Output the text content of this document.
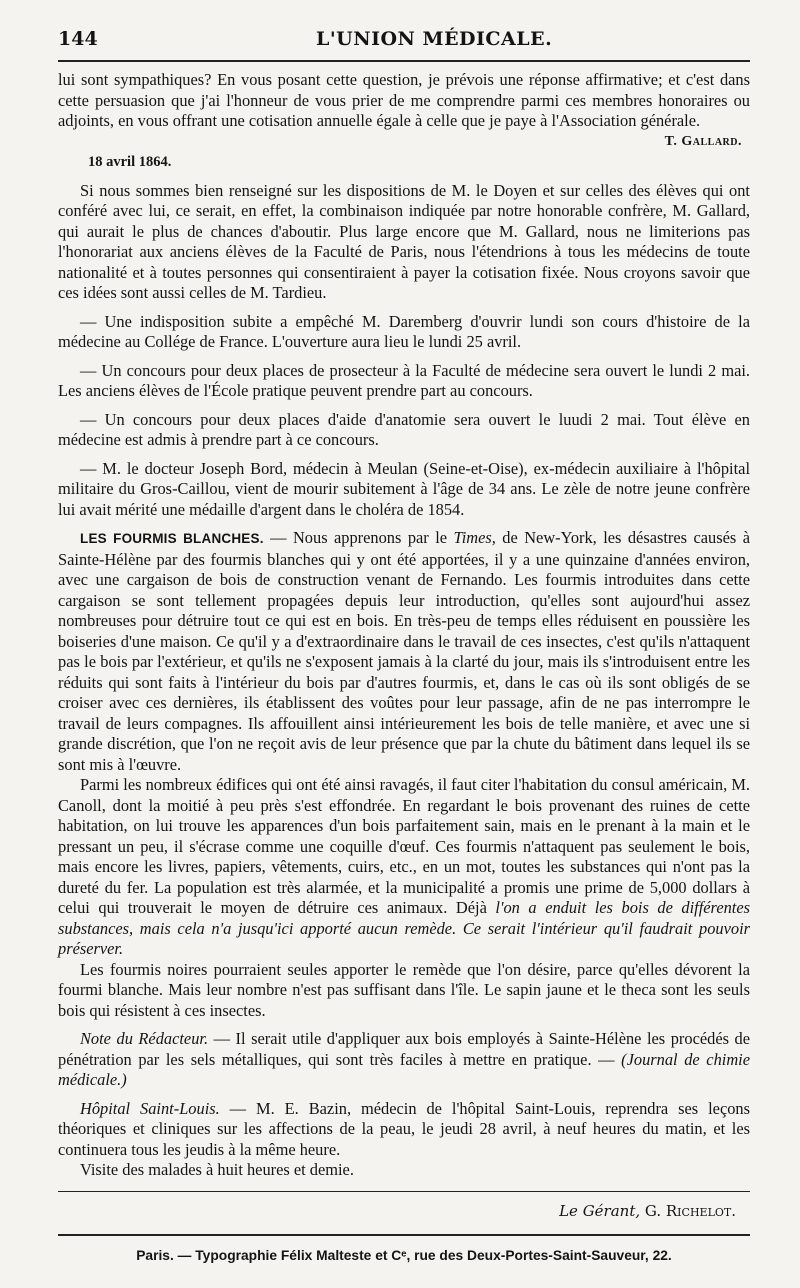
144	L'UNION MÉDICALE.

lui sont sympathiques? En vous posant cette question, je prévois une réponse affirmative; et c'est dans cette persuasion que j'ai l'honneur de vous prier de me comprendre parmi ces membres honoraires ou adjoints, en vous offrant une cotisation annuelle égale à celle que je paye à l'Association générale.

T. Gallard.
18 avril 1864.

Si nous sommes bien renseigné sur les dispositions de M. le Doyen et sur celles des élèves qui ont conféré avec lui, ce serait, en effet, la combinaison indiquée par notre honorable confrère, M. Gallard, qui aurait le plus de chances d'aboutir. Plus large encore que M. Gallard, nous ne limiterions pas l'honorariat aux anciens élèves de la Faculté de Paris, nous l'étendrions à tous les médecins de toute nationalité et à toutes personnes qui consentiraient à payer la cotisation fixée. Nous croyons savoir que ces idées sont aussi celles de M. Tardieu.

— Une indisposition subite a empêché M. Daremberg d'ouvrir lundi son cours d'histoire de la médecine au Collége de France. L'ouverture aura lieu le lundi 25 avril.

— Un concours pour deux places de prosecteur à la Faculté de médecine sera ouvert le lundi 2 mai. Les anciens élèves de l'École pratique peuvent prendre part au concours.

— Un concours pour deux places d'aide d'anatomie sera ouvert le luudi 2 mai. Tout élève en médecine est admis à prendre part à ce concours.

— M. le docteur Joseph Bord, médecin à Meulan (Seine-et-Oise), ex-médecin auxiliaire à l'hôpital militaire du Gros-Caillou, vient de mourir subitement à l'âge de 34 ans. Le zèle de notre jeune confrère lui avait mérité une médaille d'argent dans le choléra de 1854.

LES FOURMIS BLANCHES. — Nous apprenons par le Times, de New-York, les désastres causés à Sainte-Hélène par des fourmis blanches qui y ont été apportées, il y a une quinzaine d'années environ, avec une cargaison de bois de construction venant de Fernando. Les fourmis introduites dans cette cargaison se sont tellement propagées depuis leur introduction, qu'elles sont aujourd'hui assez nombreuses pour détruire tout ce qui est en bois. En très-peu de temps elles réduisent en poussière les boiseries d'une maison. Ce qu'il y a d'extraordinaire dans le travail de ces insectes, c'est qu'ils n'attaquent pas le bois par l'extérieur, et qu'ils ne s'exposent jamais à la clarté du jour, mais ils s'introduisent entre les réduits qui sont faits à l'intérieur du bois par d'autres fourmis, et, dans le cas où ils sont obligés de se croiser avec ces dernières, ils établissent des voûtes pour leur passage, afin de ne pas interrompre le travail de leurs compagnes. Ils affouillent ainsi intérieurement les bois de telle manière, et avec une si grande discrétion, que l'on ne reçoit avis de leur présence que par la chute du bâtiment dans lequel ils se sont mis à l'œuvre.

Parmi les nombreux édifices qui ont été ainsi ravagés, il faut citer l'habitation du consul américain, M. Canoll, dont la moitié à peu près s'est effondrée. En regardant le bois provenant des ruines de cette habitation, on lui trouve les apparences d'un bois parfaitement sain, mais en le prenant à la main et le pressant un peu, il s'écrase comme une coquille d'œuf. Ces fourmis n'attaquent pas seulement le bois, mais encore les livres, papiers, vêtements, cuirs, etc., en un mot, toutes les substances qui n'ont pas la dureté du fer. La population est très alarmée, et la municipalité a promis une prime de 5,000 dollars à celui qui trouverait le moyen de détruire ces animaux. Déjà l'on a enduit les bois de différentes substances, mais cela n'a jusqu'ici apporté aucun remède. Ce serait l'intérieur qu'il faudrait pouvoir préserver.

Les fourmis noires pourraient seules apporter le remède que l'on désire, parce qu'elles dévorent la fourmi blanche. Mais leur nombre n'est pas suffisant dans l'île. Le sapin jaune et le theca sont les seuls bois qui résistent à ces insectes.

Note du Rédacteur. — Il serait utile d'appliquer aux bois employés à Sainte-Hélène les procédés de pénétration par les sels métalliques, qui sont très faciles à mettre en pratique. — (Journal de chimie médicale.)

Hôpital Saint-Louis. — M. E. Bazin, médecin de l'hôpital Saint-Louis, reprendra ses leçons théoriques et cliniques sur les affections de la peau, le jeudi 28 avril, à neuf heures du matin, et les continuera tous les jeudis à la même heure.

Visite des malades à huit heures et demie.

Le Gérant, G. Richelot.
Paris. — Typographie Félix Malteste et Cᵉ, rue des Deux-Portes-Saint-Sauveur, 22.
